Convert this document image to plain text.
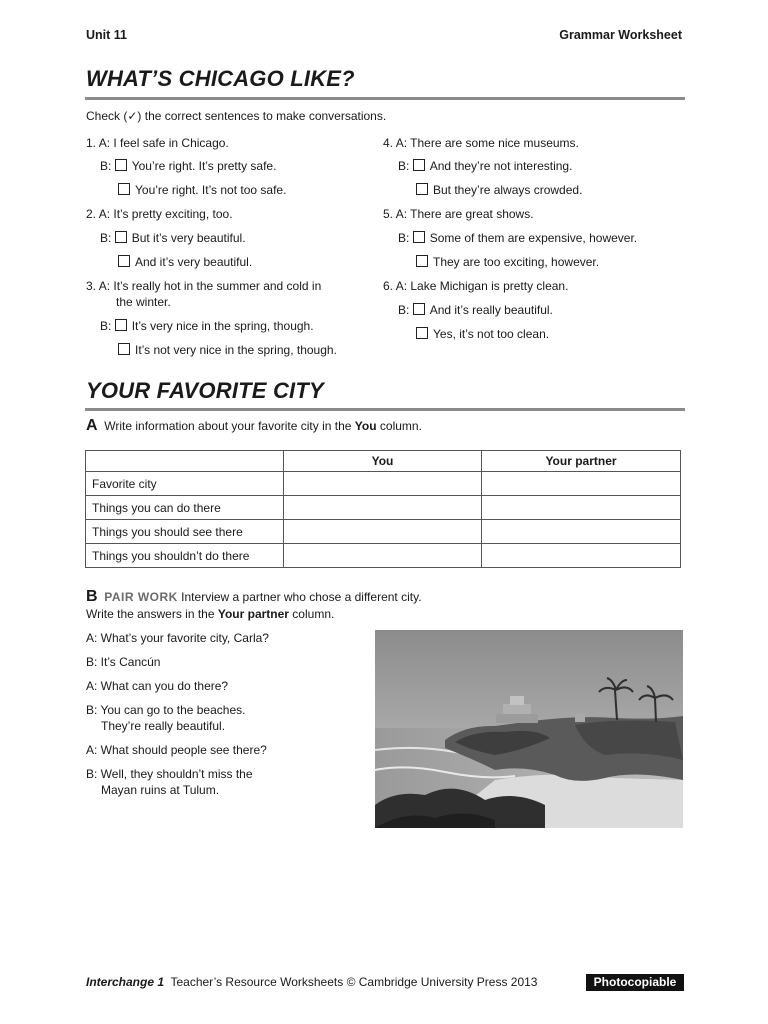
Unit 11	Grammar Worksheet
WHAT’S CHICAGO LIKE?
Check (✓) the correct sentences to make conversations.
1. A: I feel safe in Chicago.
B: You’re right. It’s pretty safe.
You’re right. It’s not too safe.
2. A: It’s pretty exciting, too.
B: But it’s very beautiful.
And it’s very beautiful.
3. A: It’s really hot in the summer and cold in
the winter.
B: It’s very nice in the spring, though.
It’s not very nice in the spring, though.
4. A: There are some nice museums.
B: And they’re not interesting.
But they’re always crowded.
5. A: There are great shows.
B: Some of them are expensive, however.
They are too exciting, however.
6. A: Lake Michigan is pretty clean.
B: And it’s really beautiful.
Yes, it’s not too clean.
YOUR FAVORITE CITY
A Write information about your favorite city in the You column.
	You	Your partner
Favorite city		
Things you can do there		
Things you should see there		
Things you shouldn’t do there		
B PAIR WORK Interview a partner who chose a different city.
Write the answers in the Your partner column.
A: What’s your favorite city, Carla?
B: It’s Cancún
A: What can you do there?
B: You can go to the beaches.
They’re really beautiful.
A: What should people see there?
B: Well, they shouldn’t miss the
Mayan ruins at Tulum.
Interchange 1 Teacher’s Resource Worksheets © Cambridge University Press 2013	Photocopiable
